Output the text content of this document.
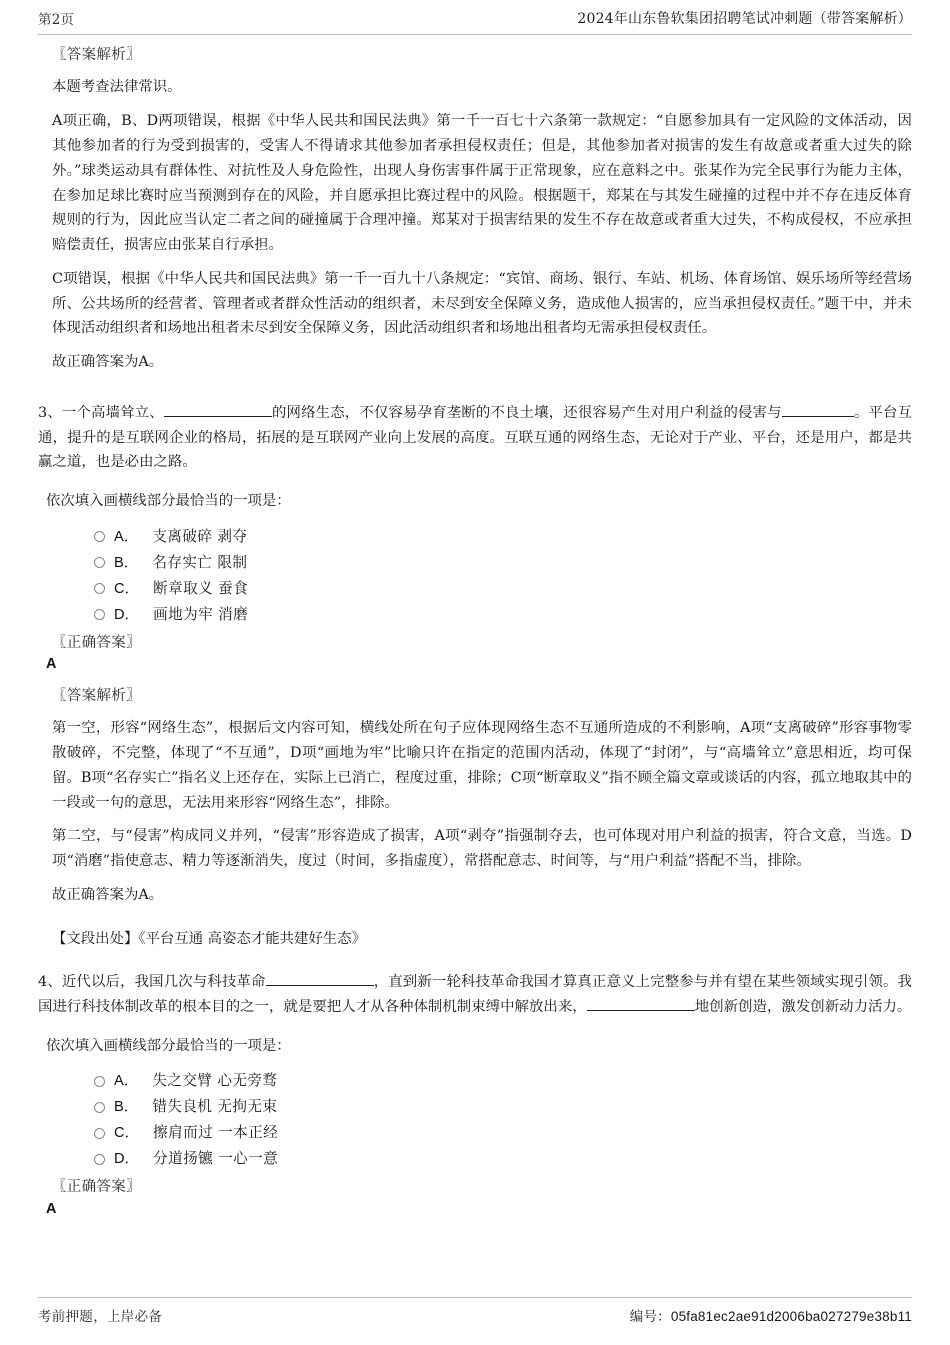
第2页	2024年山东鲁软集团招聘笔试冲刺题（带答案解析）
〖答案解析〗
本题考查法律常识。
A项正确，B、D两项错误，根据《中华人民共和国民法典》第一千一百七十六条第一款规定：“自愿参加具有一定风险的文体活动，因其他参加者的行为受到损害的，受害人不得请求其他参加者承担侵权责任；但是，其他参加者对损害的发生有故意或者重大过失的除外。”球类运动具有群体性、对抗性及人身危险性，出现人身伤害事件属于正常现象，应在意料之中。张某作为完全民事行为能力主体，在参加足球比赛时应当预测到存在的风险，并自愿承担比赛过程中的风险。根据题干，郑某在与其发生碰撞的过程中并不存在违反体育规则的行为，因此应当认定二者之间的碰撞属于合理冲撞。郑某对于损害结果的发生不存在故意或者重大过失，不构成侵权，不应承担赔偿责任，损害应由张某自行承担。
C项错误，根据《中华人民共和国民法典》第一千一百九十八条规定：“宾馆、商场、银行、车站、机场、体育场馆、娱乐场所等经营场所、公共场所的经营者、管理者或者群众性活动的组织者，未尽到安全保障义务，造成他人损害的，应当承担侵权责任。”题干中，并未体现活动组织者和场地出租者未尽到安全保障义务，因此活动组织者和场地出租者均无需承担侵权责任。
故正确答案为A。
3、一个高墙耸立、	的网络生态，不仅容易孕育垄断的不良土壤，还很容易产生对用户利益的侵害与	。平台互通，提升的是互联网企业的格局，拓展的是互联网产业向上发展的高度。互联互通的网络生态，无论对于产业、平台，还是用户，都是共赢之道，也是必由之路。
依次填入画横线部分最恰当的一项是：
A． 支离破碎 剥夺
B． 名存实亡 限制
C． 断章取义 蚕食
D． 画地为牢 消磨
〖正确答案〗
A
〖答案解析〗
第一空，形容“网络生态”，根据后文内容可知，横线处所在句子应体现网络生态不互通所造成的不利影响，A项“支离破碎”形容事物零散破碎，不完整，体现了“不互通”，D项“画地为牢”比喻只许在指定的范围内活动，体现了“封闭”，与“高墙耸立”意思相近，均可保留。B项“名存实亡”指名义上还存在，实际上已消亡，程度过重，排除；C项“断章取义”指不顾全篇文章或谈话的内容，孤立地取其中的一段或一句的意思，无法用来形容“网络生态”，排除。
第二空，与“侵害”构成同义并列，“侵害”形容造成了损害，A项“剥夺”指强制夺去，也可体现对用户利益的损害，符合文意，当选。D项“消磨”指使意志、精力等逐渐消失，度过（时间，多指虚度），常搭配意志、时间等，与“用户利益”搭配不当，排除。
故正确答案为A。
【文段出处】《平台互通 高姿态才能共建好生态》
4、近代以后，我国几次与科技革命	，直到新一轮科技革命我国才算真正意义上完整参与并有望在某些领域实现引领。我国进行科技体制改革的根本目的之一，就是要把人才从各种体制机制束缚中解放出来，	地创新创造，激发创新动力活力。
依次填入画横线部分最恰当的一项是：
A． 失之交臂 心无旁骛
B． 错失良机 无拘无束
C． 擦肩而过 一本正经
D． 分道扬镳 一心一意
〖正确答案〗
A
考前押题，上岸必备	编号：05fa81ec2ae91d2006ba027279e38b11
